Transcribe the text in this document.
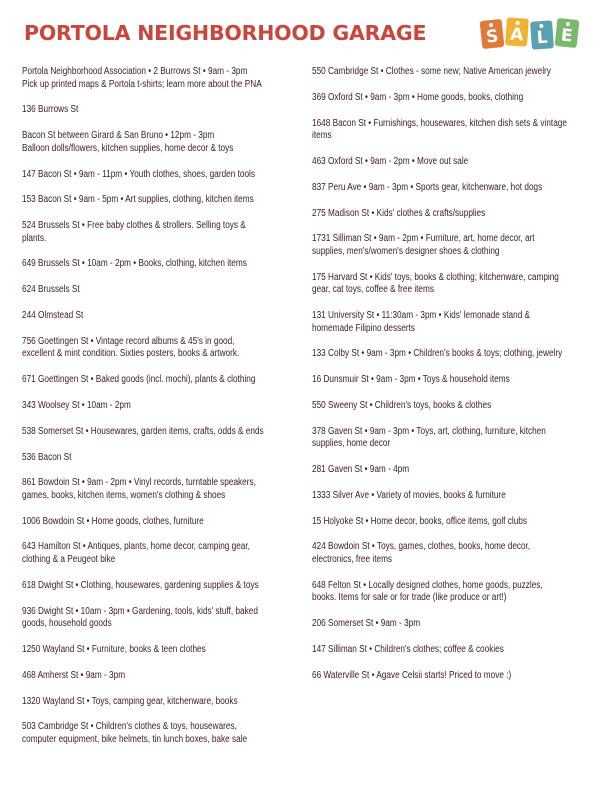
PORTOLA NEIGHBORHOOD GARAGE	S A L E
Portola Neighborhood Association • 2 Burrows St • 9am - 3pm
Pick up printed maps & Portola t-shirts; learn more about the PNA
136 Burrows St
Bacon St between Girard & San Bruno • 12pm - 3pm
Balloon dolls/flowers, kitchen supplies, home decor & toys
147 Bacon St • 9am - 11pm • Youth clothes, shoes, garden tools
153 Bacon St • 9am - 5pm • Art supplies, clothing, kitchen items
524 Brussels St • Free baby clothes & strollers. Selling toys &
plants.
649 Brussels St • 10am - 2pm • Books, clothing, kitchen items
624 Brussels St
244 Olmstead St
756 Goettingen St • Vintage record albums & 45's in good,
excellent & mint condition. Sixties posters, books & artwork.
671 Goettingen St • Baked goods (incl. mochi), plants & clothing
343 Woolsey St • 10am - 2pm
538 Somerset St • Housewares, garden items, crafts, odds & ends
536 Bacon St
861 Bowdoin St • 9am - 2pm • Vinyl records, turntable speakers,
games, books, kitchen items, women's clothing & shoes
1006 Bowdoin St • Home goods, clothes, furniture
643 Hamilton St • Antiques, plants, home decor, camping gear,
clothing & a Peugeot bike
618 Dwight St • Clothing, housewares, gardening supplies & toys
936 Dwight St • 10am - 3pm • Gardening, tools, kids' stuff, baked
goods, household goods
1250 Wayland St • Furniture, books & teen clothes
468 Amherst St • 9am - 3pm
1320 Wayland St • Toys, camping gear, kitchenware, books
503 Cambridge St • Children's clothes & toys, housewares,
computer equipment, bike helmets, tin lunch boxes, bake sale
550 Cambridge St • Clothes - some new; Native American jewelry
369 Oxford St • 9am - 3pm • Home goods, books, clothing
1648 Bacon St • Furnishings, housewares, kitchen dish sets & vintage
items
463 Oxford St • 9am - 2pm • Move out sale
837 Peru Ave • 9am - 3pm • Sports gear, kitchenware, hot dogs
275 Madison St • Kids' clothes & crafts/supplies
1731 Silliman St • 9am - 2pm • Furniture, art, home decor, art
supplies, men's/women's designer shoes & clothing
175 Harvard St • Kids' toys, books & clothing; kitchenware, camping
gear, cat toys, coffee & free items
131 University St • 11:30am - 3pm • Kids' lemonade stand &
homemade Filipino desserts
133 Colby St • 9am - 3pm • Children's books & toys; clothing, jewelry
16 Dunsmuir St • 9am - 3pm • Toys & household items
550 Sweeny St • Children's toys, books & clothes
378 Gaven St • 9am - 3pm • Toys, art, clothing, furniture, kitchen
supplies, home decor
281 Gaven St • 9am - 4pm
1333 Silver Ave • Variety of movies, books & furniture
15 Holyoke St • Home decor, books, office items, golf clubs
424 Bowdoin St • Toys, games, clothes, books, home decor,
electronics, free items
648 Felton St • Locally designed clothes, home goods, puzzles,
books. Items for sale or for trade (like produce or art!)
206 Somerset St • 9am - 3pm
147 Silliman St • Children's clothes; coffee & cookies
66 Waterville St • Agave Celsii starts! Priced to move :)
